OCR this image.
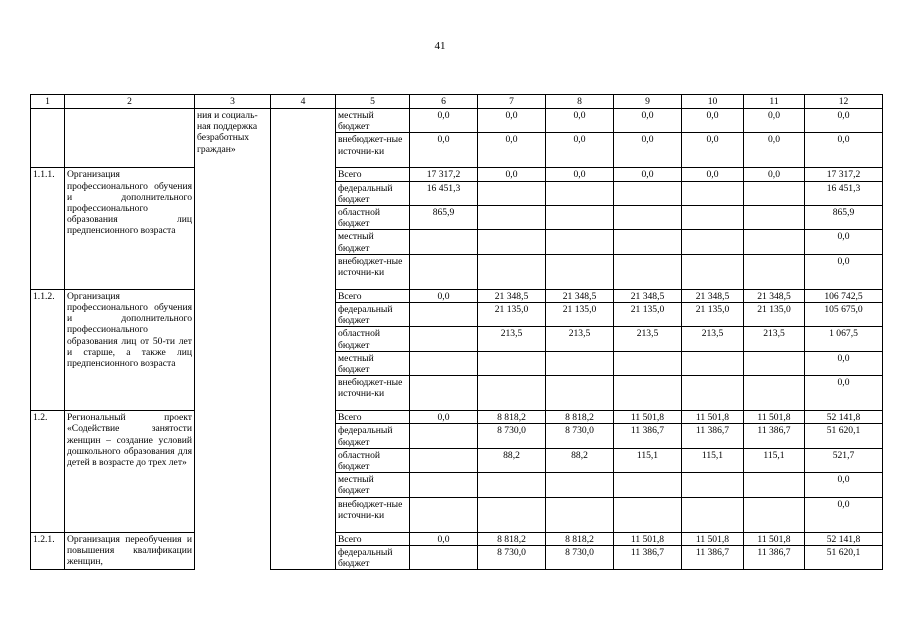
41
1	2	3	4	5	6	7	8	9	10	11	12
		ния и социаль-ная поддержка безработных граждан»		местный бюджет	0,0	0,0	0,0	0,0	0,0	0,0	0,0
				внебюджет-ные источни-ки	0,0	0,0	0,0	0,0	0,0	0,0	0,0
1.1.1.	Организация профессионального обучения и дополнительного профессионального образования лиц предпенсионного возраста			Всего	17 317,2	0,0	0,0	0,0	0,0	0,0	17 317,2
				федеральный бюджет	16 451,3						16 451,3
				областной бюджет	865,9						865,9
				местный бюджет							0,0
				внебюджет-ные источни-ки							0,0
1.1.2.	Организация профессионального обучения и дополнительного профессионального образования лиц от 50-ти лет и старше, а также лиц предпенсионного возраста			Всего	0,0	21 348,5	21 348,5	21 348,5	21 348,5	21 348,5	106 742,5
				федеральный бюджет		21 135,0	21 135,0	21 135,0	21 135,0	21 135,0	105 675,0
				областной бюджет		213,5	213,5	213,5	213,5	213,5	1 067,5
				местный бюджет							0,0
				внебюджет-ные источни-ки							0,0
1.2.	Региональный проект «Содействие занятости женщин – создание условий дошкольного образования для детей в возрасте до трех лет»			Всего	0,0	8 818,2	8 818,2	11 501,8	11 501,8	11 501,8	52 141,8
				федеральный бюджет		8 730,0	8 730,0	11 386,7	11 386,7	11 386,7	51 620,1
				областной бюджет		88,2	88,2	115,1	115,1	115,1	521,7
				местный бюджет							0,0
				внебюджет-ные источни-ки							0,0
1.2.1.	Организация переобучения и повышения квалификации женщин,			Всего	0,0	8 818,2	8 818,2	11 501,8	11 501,8	11 501,8	52 141,8
				федеральный бюджет		8 730,0	8 730,0	11 386,7	11 386,7	11 386,7	51 620,1
